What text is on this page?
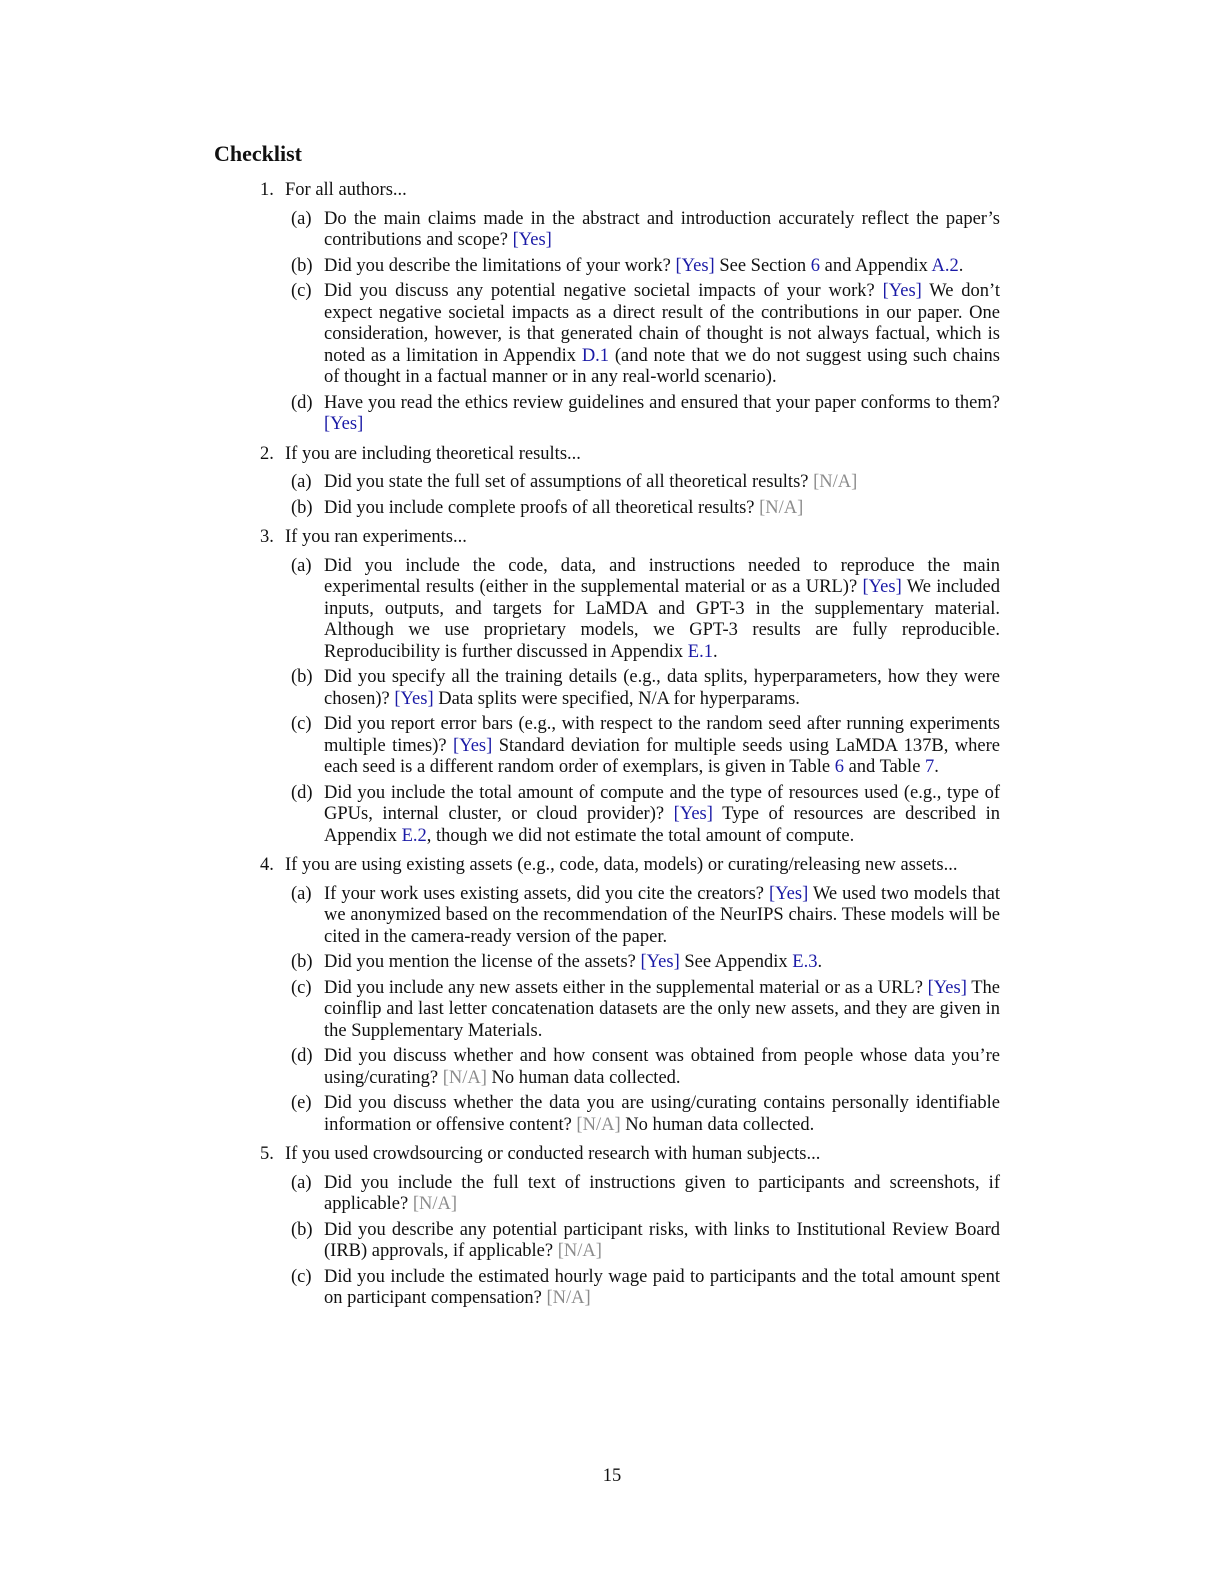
Checklist
1. For all authors...
(a) Do the main claims made in the abstract and introduction accurately reflect the paper’s contributions and scope? [Yes]
(b) Did you describe the limitations of your work? [Yes] See Section 6 and Appendix A.2.
(c) Did you discuss any potential negative societal impacts of your work? [Yes] We don’t expect negative societal impacts as a direct result of the contributions in our paper. One consideration, however, is that generated chain of thought is not always factual, which is noted as a limitation in Appendix D.1 (and note that we do not suggest using such chains of thought in a factual manner or in any real-world scenario).
(d) Have you read the ethics review guidelines and ensured that your paper conforms to them? [Yes]
2. If you are including theoretical results...
(a) Did you state the full set of assumptions of all theoretical results? [N/A]
(b) Did you include complete proofs of all theoretical results? [N/A]
3. If you ran experiments...
(a) Did you include the code, data, and instructions needed to reproduce the main experimental results (either in the supplemental material or as a URL)? [Yes] We included inputs, outputs, and targets for LaMDA and GPT-3 in the supplementary material. Although we use proprietary models, we GPT-3 results are fully reproducible. Reproducibility is further discussed in Appendix E.1.
(b) Did you specify all the training details (e.g., data splits, hyperparameters, how they were chosen)? [Yes] Data splits were specified, N/A for hyperparams.
(c) Did you report error bars (e.g., with respect to the random seed after running experiments multiple times)? [Yes] Standard deviation for multiple seeds using LaMDA 137B, where each seed is a different random order of exemplars, is given in Table 6 and Table 7.
(d) Did you include the total amount of compute and the type of resources used (e.g., type of GPUs, internal cluster, or cloud provider)? [Yes] Type of resources are described in Appendix E.2, though we did not estimate the total amount of compute.
4. If you are using existing assets (e.g., code, data, models) or curating/releasing new assets...
(a) If your work uses existing assets, did you cite the creators? [Yes] We used two models that we anonymized based on the recommendation of the NeurIPS chairs. These models will be cited in the camera-ready version of the paper.
(b) Did you mention the license of the assets? [Yes] See Appendix E.3.
(c) Did you include any new assets either in the supplemental material or as a URL? [Yes] The coinflip and last letter concatenation datasets are the only new assets, and they are given in the Supplementary Materials.
(d) Did you discuss whether and how consent was obtained from people whose data you’re using/curating? [N/A] No human data collected.
(e) Did you discuss whether the data you are using/curating contains personally identifiable information or offensive content? [N/A] No human data collected.
5. If you used crowdsourcing or conducted research with human subjects...
(a) Did you include the full text of instructions given to participants and screenshots, if applicable? [N/A]
(b) Did you describe any potential participant risks, with links to Institutional Review Board (IRB) approvals, if applicable? [N/A]
(c) Did you include the estimated hourly wage paid to participants and the total amount spent on participant compensation? [N/A]
15
